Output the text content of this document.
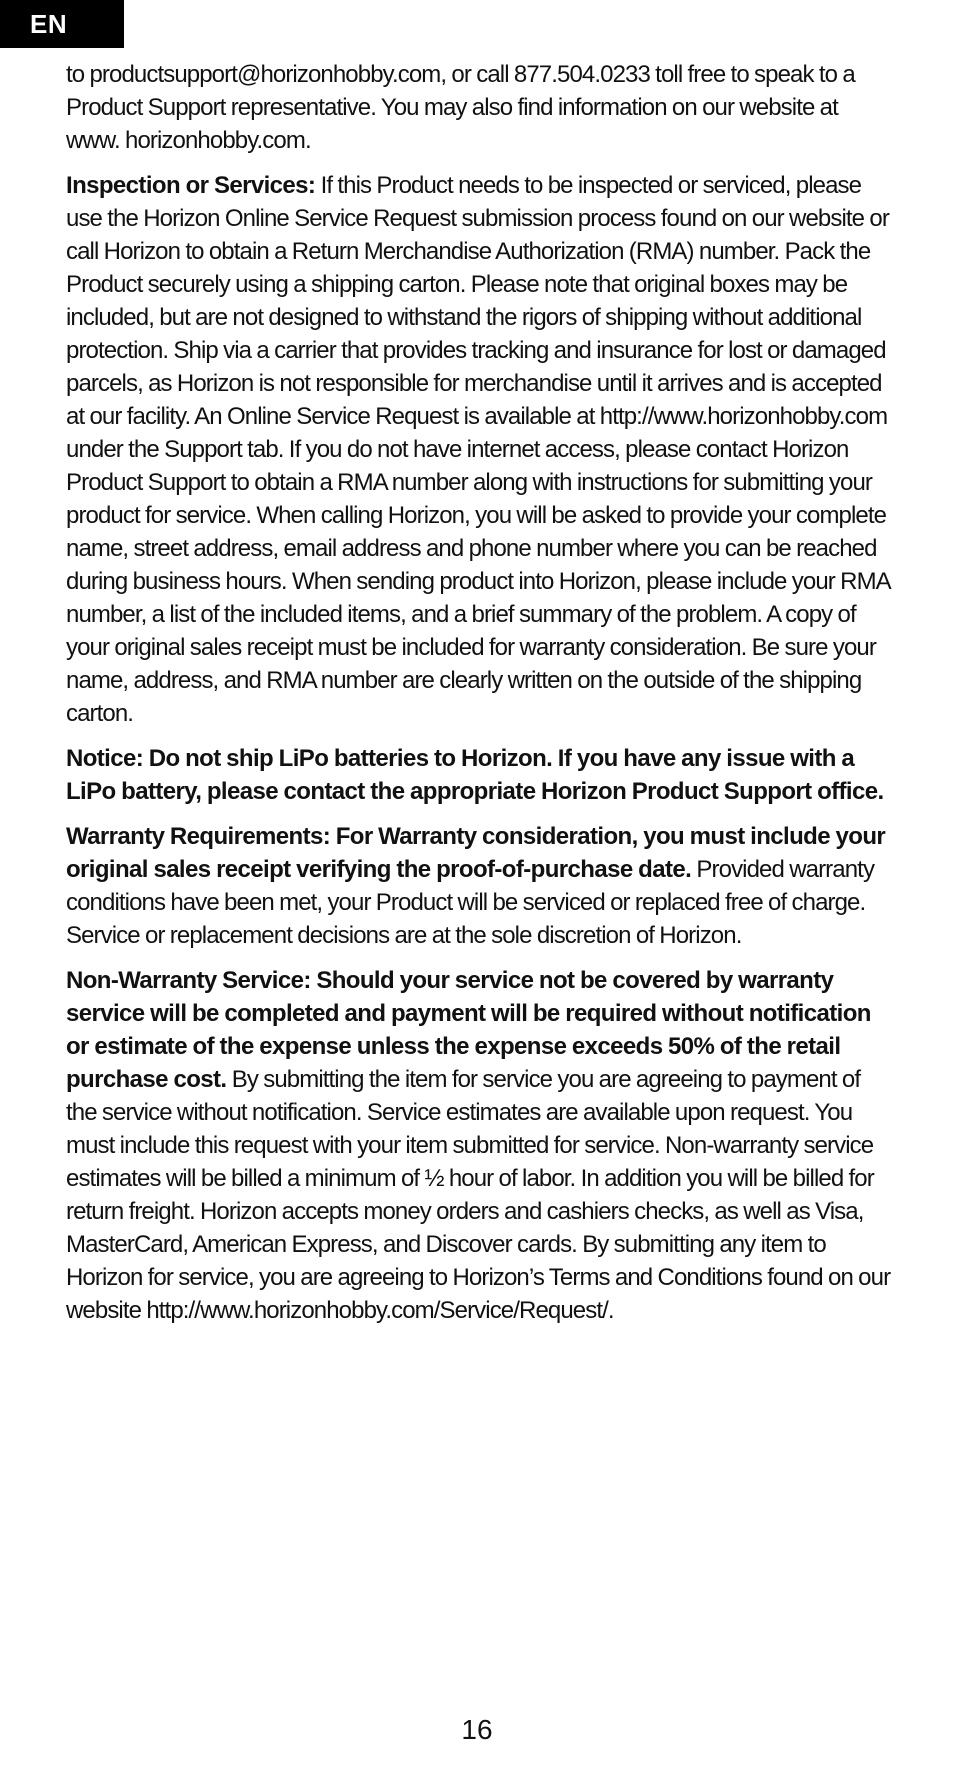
EN

to productsupport@horizonhobby.com, or call 877.504.0233 toll free to speak to a Product Support representative. You may also find information on our website at www. horizonhobby.com.

Inspection or Services: If this Product needs to be inspected or serviced, please use the Horizon Online Service Request submission process found on our website or call Horizon to obtain a Return Merchandise Authorization (RMA) number. Pack the Product securely using a shipping carton. Please note that original boxes may be included, but are not designed to withstand the rigors of shipping without additional protection. Ship via a carrier that provides tracking and insurance for lost or damaged parcels, as Horizon is not responsible for merchandise until it arrives and is accepted at our facility. An Online Service Request is available at http://www.horizonhobby.com under the Support tab. If you do not have internet access, please contact Horizon Product Support to obtain a RMA number along with instructions for submitting your product for service. When calling Horizon, you will be asked to provide your complete name, street address, email address and phone number where you can be reached during business hours. When sending product into Horizon, please include your RMA number, a list of the included items, and a brief summary of the problem. A copy of your original sales receipt must be included for warranty consideration. Be sure your name, address, and RMA number are clearly written on the outside of the shipping carton.

Notice: Do not ship LiPo batteries to Horizon. If you have any issue with a LiPo battery, please contact the appropriate Horizon Product Support office.

Warranty Requirements: For Warranty consideration, you must include your original sales receipt verifying the proof-of-purchase date. Provided warranty conditions have been met, your Product will be serviced or replaced free of charge. Service or replacement decisions are at the sole discretion of Horizon.

Non-Warranty Service: Should your service not be covered by warranty service will be completed and payment will be required without notification or estimate of the expense unless the expense exceeds 50% of the retail purchase cost. By submitting the item for service you are agreeing to payment of the service without notification. Service estimates are available upon request. You must include this request with your item submitted for service. Non-warranty service estimates will be billed a minimum of ½ hour of labor. In addition you will be billed for return freight. Horizon accepts money orders and cashiers checks, as well as Visa, MasterCard, American Express, and Discover cards. By submitting any item to Horizon for service, you are agreeing to Horizon’s Terms and Conditions found on our website http://www.horizonhobby.com/Service/Request/.

16
